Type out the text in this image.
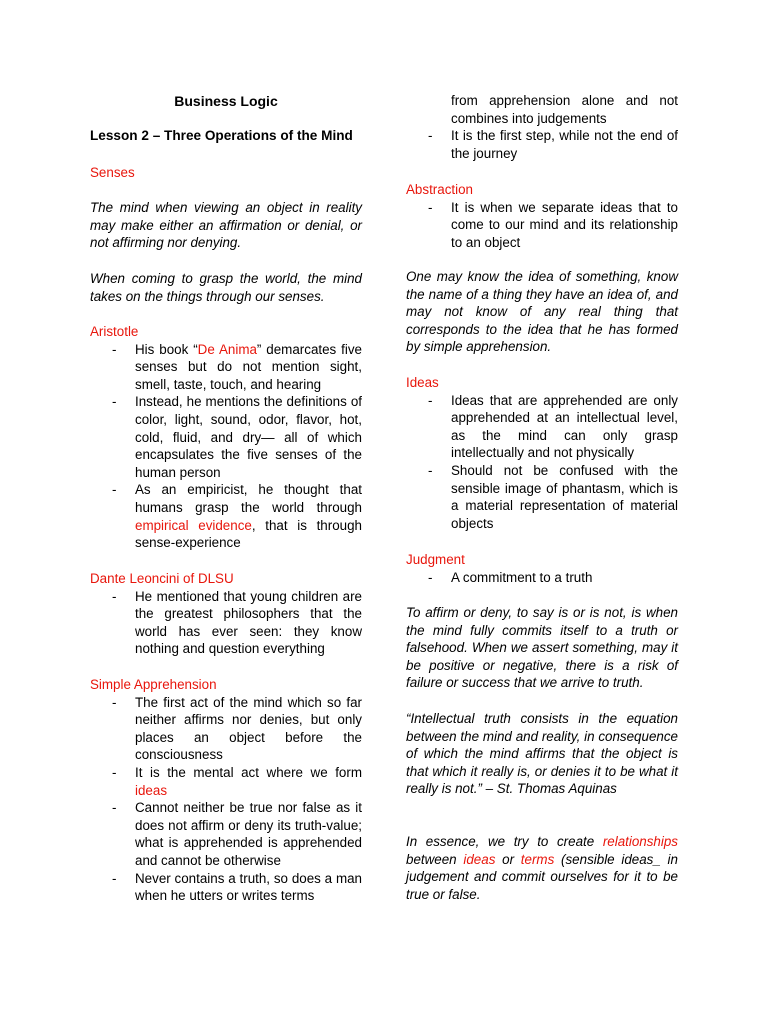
Business Logic
Lesson 2 – Three Operations of the Mind

Senses

The mind when viewing an object in reality may make either an affirmation or denial, or not affirming nor denying.

When coming to grasp the world, the mind takes on the things through our senses.

Aristotle

- His book “De Anima” demarcates five senses but do not mention sight, smell, taste, touch, and hearing
- Instead, he mentions the definitions of color, light, sound, odor, flavor, hot, cold, fluid, and dry— all of which encapsulates the five senses of the human person
- As an empiricist, he thought that humans grasp the world through empirical evidence, that is through sense-experience

Dante Leoncini of DLSU

- He mentioned that young children are the greatest philosophers that the world has ever seen: they know nothing and question everything

Simple Apprehension

- The first act of the mind which so far neither affirms nor denies, but only places an object before the consciousness
- It is the mental act where we form ideas
- Cannot neither be true nor false as it does not affirm or deny its truth-value; what is apprehended is apprehended and cannot be otherwise
- Never contains a truth, so does a man when he utters or writes terms

from apprehension alone and not combines into judgements

- It is the first step, while not the end of the journey

Abstraction

- It is when we separate ideas that to come to our mind and its relationship to an object

One may know the idea of something, know the name of a thing they have an idea of, and may not know of any real thing that corresponds to the idea that he has formed by simple apprehension.

Ideas

- Ideas that are apprehended are only apprehended at an intellectual level, as the mind can only grasp intellectually and not physically
- Should not be confused with the sensible image of phantasm, which is a material representation of material objects

Judgment

- A commitment to a truth

To affirm or deny, to say is or is not, is when the mind fully commits itself to a truth or falsehood. When we assert something, may it be positive or negative, there is a risk of failure or success that we arrive to truth.

“Intellectual truth consists in the equation between the mind and reality, in consequence of which the mind affirms that the object is that which it really is, or denies it to be what it really is not.” – St. Thomas Aquinas

In essence, we try to create relationships between ideas or terms (sensible ideas_ in judgement and commit ourselves for it to be true or false.
